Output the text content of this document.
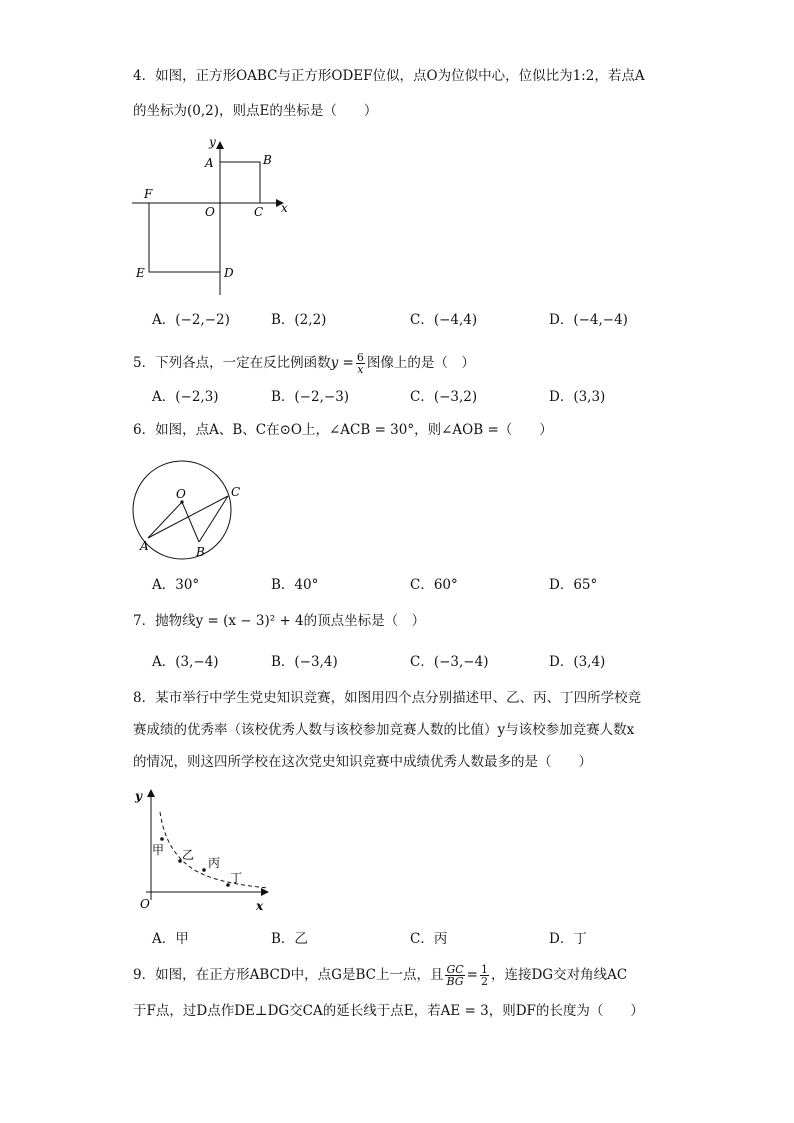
4．如图，正方形OABC与正方形ODEF位似，点O为位似中心，位似比为1:2，若点A
的坐标为(0,2)，则点E的坐标是（　　）
y
A	B
F
O	C x
E	D
A．(−2,−2)	B．(2,2)	C．(−4,4)	D．(−4,−4)
5．下列各点，一定在反比例函数$y = \frac{6}{x}$ 图像上的是（　）
A．(−2,3)	B．(−2,−3)	C．(−3,2)	D．(3,3)
6．如图，点A、B、C在⊙O上，∠ACB = 30°，则∠AOB =（　　）
O	C
A	B
A．30°	B．40°	C．60°	D．65°
7．抛物线y = (x − 3)² + 4的顶点坐标是（　）
A．(3,−4)	B．(−3,4)	C．(−3,−4)	D．(3,4)
8．某市举行中学生党史知识竞赛，如图用四个点分别描述甲、乙、丙、丁四所学校竞
赛成绩的优秀率（该校优秀人数与该校参加竞赛人数的比值）y与该校参加竞赛人数x
的情况，则这四所学校在这次党史知识竞赛中成绩优秀人数最多的是（　　）
y
x
O
甲 乙
丙
丁
A．甲	B．乙	C．丙	D．丁
9．如图，在正方形ABCD中，点G是BC上一点，且 $\frac{GC}{BG} = \frac{1}{2}$ ，连接DG交对角线AC
于F点，过D点作DE⊥DG交CA的延长线于点E，若AE = 3，则DF的长度为（　　）
